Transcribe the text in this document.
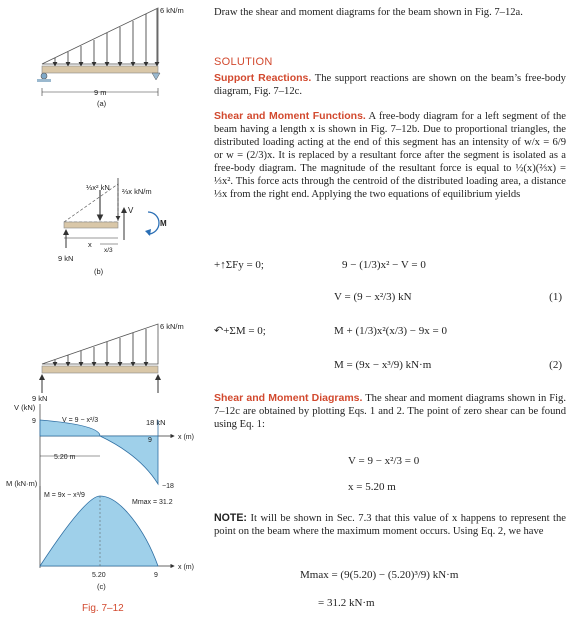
Draw the shear and moment diagrams for the beam shown in Fig. 7–12a.

SOLUTION

Support Reactions. The support reactions are shown on the beam’s free-body diagram, Fig. 7–12c.

Shear and Moment Functions. A free-body diagram for a left segment of the beam having a length x is shown in Fig. 7–12b. Due to proportional triangles, the distributed loading acting at the end of this segment has an intensity of w/x = 6/9 or w = (2/3)x. It is replaced by a resultant force after the segment is isolated as a free-body diagram. The magnitude of the resultant force is equal to ½(x)(⅔x) = ⅓x². This force acts through the centroid of the distributed loading area, a distance ⅓x from the right end. Applying the two equations of equilibrium yields

+↑ΣFy = 0;	9 − (1/3)x² − V = 0
V = (9 − x²/3) kN	(1)
↶+ΣM = 0;	M + (1/3)x²(x/3) − 9x = 0
M = (9x − x³/9) kN·m	(2)

Shear and Moment Diagrams. The shear and moment diagrams shown in Fig. 7–12c are obtained by plotting Eqs. 1 and 2. The point of zero shear can be found using Eq. 1:

V = 9 − x²/3 = 0
x = 5.20 m

NOTE: It will be shown in Sec. 7.3 that this value of x happens to represent the point on the beam where the maximum moment occurs. Using Eq. 2, we have

Mmax = (9(5.20) − (5.20)³/9) kN·m
= 31.2 kN·m
6 kN/m
9 m
(a)
⅓x² kN ⅔x kN/m
V
M
x
x/3
9 kN
(b)
6 kN/m
9 kN
18 kN
V (kN)
V = 9 − x²/3
9
9
−18
x (m)
5.20 m
M (kN·m)
M = 9x − x³/9
Mmax = 31.2
5.20	9
x (m)
(c)
Fig. 7–12
